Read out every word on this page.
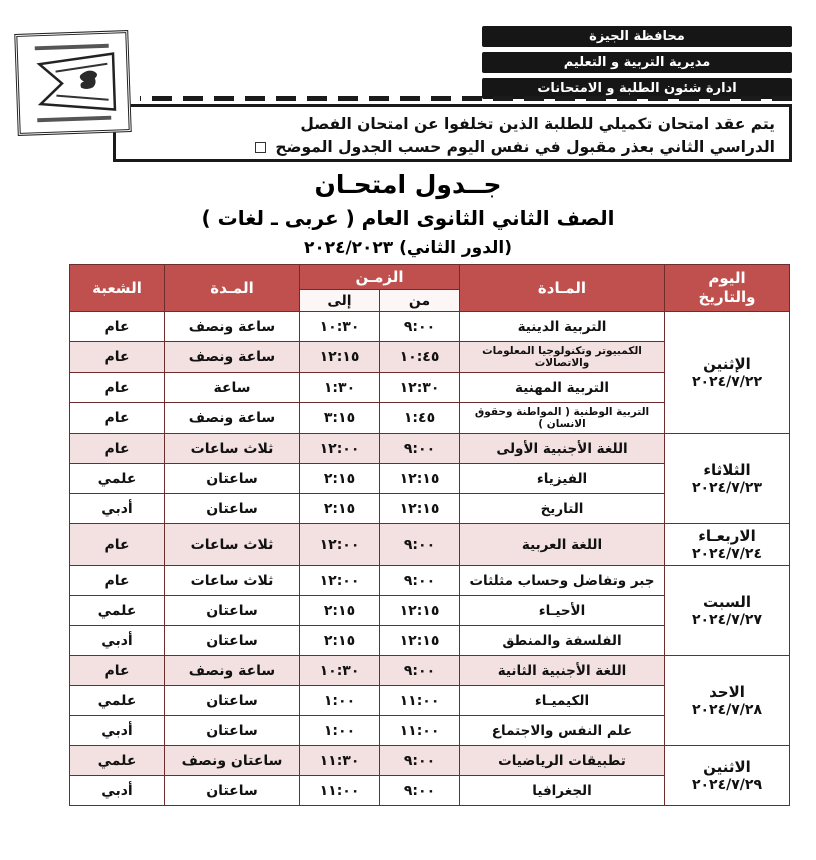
محافظة الجيزة
مديرية التربية و التعليم
ادارة شئون الطلبة و الامتحانات
يتم عقد امتحان تكميلي للطلبة الذين تخلفوا عن امتحان الفصل
الدراسي الثاني بعذر مقبول في نفس اليوم حسب الجدول الموضح
جــدول امتحـان
الصف الثاني الثانوى العام ( عربى ـ لغات )
(الدور الثاني) ٢٠٢٤/٢٠٢٣
اليوم والتاريخ	المـادة	الزمـن		المـدة	الشعبة
		من	إلى		

الإثنين
٢٠٢٤/٧/٢٢	التربية الدينية	٩:٠٠	١٠:٣٠	ساعة ونصف	عام
	الكمبيوتر وتكنولوجيا المعلومات والاتصالات	١٠:٤٥	١٢:١٥	ساعة ونصف	عام
	التربية المهنية	١٢:٣٠	١:٣٠	ساعة	عام
	التربية الوطنية ( المواطنة وحقوق الانسان )	١:٤٥	٣:١٥	ساعة ونصف	عام

الثلاثاء
٢٠٢٤/٧/٢٣	اللغة الأجنبية الأولى	٩:٠٠	١٢:٠٠	ثلاث ساعات	عام
	الفيزياء	١٢:١٥	٢:١٥	ساعتان	علمي
	التاريخ	١٢:١٥	٢:١٥	ساعتان	أدبي

الاربعـاء
٢٠٢٤/٧/٢٤	اللغة العربية	٩:٠٠	١٢:٠٠	ثلاث ساعات	عام

السبت
٢٠٢٤/٧/٢٧	جبر وتفاضل وحساب مثلثات	٩:٠٠	١٢:٠٠	ثلاث ساعات	عام
	الأحيـاء	١٢:١٥	٢:١٥	ساعتان	علمي
	الفلسفة والمنطق	١٢:١٥	٢:١٥	ساعتان	أدبي

الاحد
٢٠٢٤/٧/٢٨	اللغة الأجنبية الثانية	٩:٠٠	١٠:٣٠	ساعة ونصف	عام
	الكيميـاء	١١:٠٠	١:٠٠	ساعتان	علمي
	علم النفس والاجتماع	١١:٠٠	١:٠٠	ساعتان	أدبي

الاثنين
٢٠٢٤/٧/٢٩	تطبيقات الرياضيات	٩:٠٠	١١:٣٠	ساعتان ونصف	علمي
	الجغرافيا	٩:٠٠	١١:٠٠	ساعتان	أدبي
